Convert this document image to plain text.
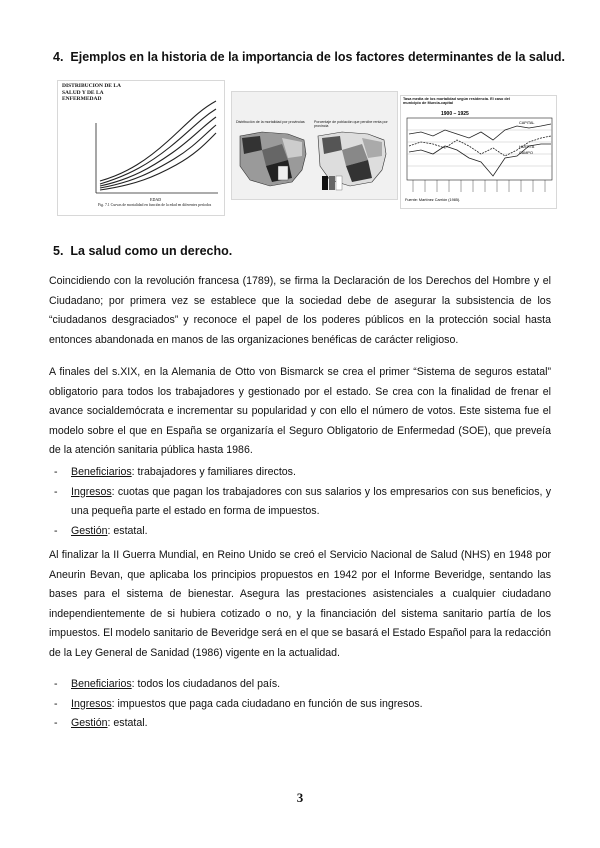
4. Ejemplos en la historia de la importancia de los factores determinantes de la salud.
DISTRIBUCIÓN DE LA SALUD Y DE LA ENFERMEDAD
EDAD
Fig. 7.1 Curvas de mortalidad en función de la edad en diferentes períodos
Distribución de la mortalidad por provincias	Porcentaje de población que percibe renta por provincia
Tasa media de los mortalidad según residencia. El caso del municipio de Murcia-capital
1900 – 1925
CAPITAL
HUERTA
CAMPO
Fuente: Martínez Carrión (1985).
5. La salud como un derecho.

Coincidiendo con la revolución francesa (1789), se firma la Declaración de los Derechos del Hombre y el Ciudadano; por primera vez se establece que la sociedad debe de asegurar la subsistencia de los “ciudadanos desgraciados” y reconoce el papel de los poderes públicos en la protección social hasta entonces abandonada en manos de las organizaciones benéficas de carácter religioso.

A finales del s.XIX, en la Alemania de Otto von Bismarck se crea el primer “Sistema de seguros estatal” obligatorio para todos los trabajadores y gestionado por el estado. Se crea con la finalidad de frenar el avance socialdemócrata e incrementar su popularidad y con ello el número de votos. Este sistema fue el modelo sobre el que en España se organizaría el Seguro Obligatorio de Enfermedad (SOE), que preveía de la atención sanitaria pública hasta 1986.

- Beneficiarios: trabajadores y familiares directos.
- Ingresos: cuotas que pagan los trabajadores con sus salarios y los empresarios con sus beneficios, y una pequeña parte el estado en forma de impuestos.
- Gestión: estatal.

Al finalizar la II Guerra Mundial, en Reino Unido se creó el Servicio Nacional de Salud (NHS) en 1948 por Aneurin Bevan, que aplicaba los principios propuestos en 1942 por el Informe Beveridge, sentando las bases para el sistema de bienestar. Asegura las prestaciones asistenciales a cualquier ciudadano independientemente de si hubiera cotizado o no, y la financiación del sistema sanitario partía de los impuestos. El modelo sanitario de Beveridge será en el que se basará el Estado Español para la redacción de la Ley General de Sanidad (1986) vigente en la actualidad.

- Beneficiarios: todos los ciudadanos del país.
- Ingresos: impuestos que paga cada ciudadano en función de sus ingresos.
- Gestión: estatal.
3
